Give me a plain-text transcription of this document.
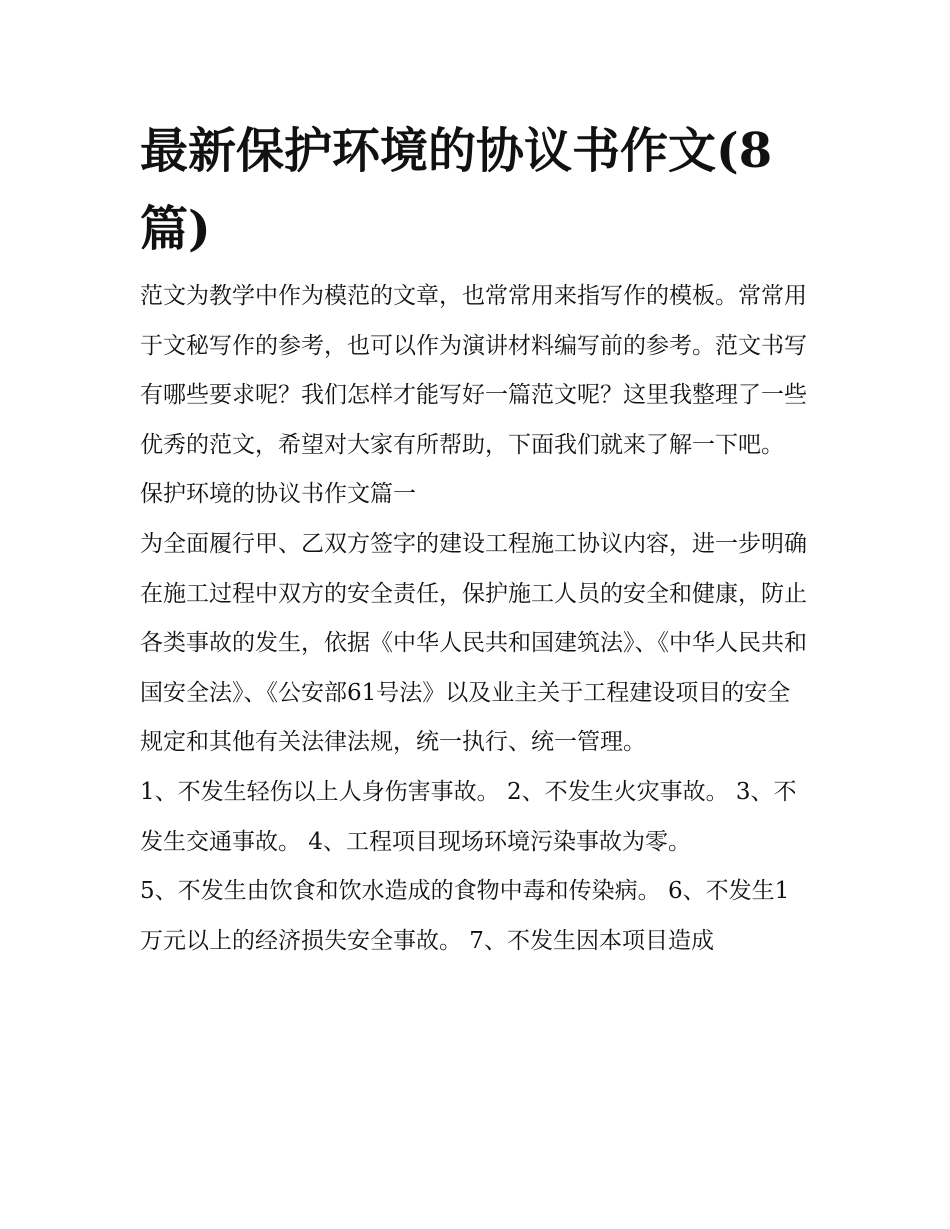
最新保护环境的协议书作文(8篇)

范文为教学中作为模范的文章，也常常用来指写作的模板。常常用于文秘写作的参考，也可以作为演讲材料编写前的参考。范文书写有哪些要求呢？我们怎样才能写好一篇范文呢？这里我整理了一些优秀的范文，希望对大家有所帮助，下面我们就来了解一下吧。

保护环境的协议书作文篇一

为全面履行甲、乙双方签字的建设工程施工协议内容，进一步明确在施工过程中双方的安全责任，保护施工人员的安全和健康，防止各类事故的发生，依据《中华人民共和国建筑法》、《中华人民共和国安全法》、《公安部61号法》以及业主关于工程建设项目的安全规定和其他有关法律法规，统一执行、统一管理。

1、不发生轻伤以上人身伤害事故。 2、不发生火灾事故。 3、不发生交通事故。 4、工程项目现场环境污染事故为零。

5、不发生由饮食和饮水造成的食物中毒和传染病。 6、不发生1万元以上的经济损失安全事故。 7、不发生因本项目造成
